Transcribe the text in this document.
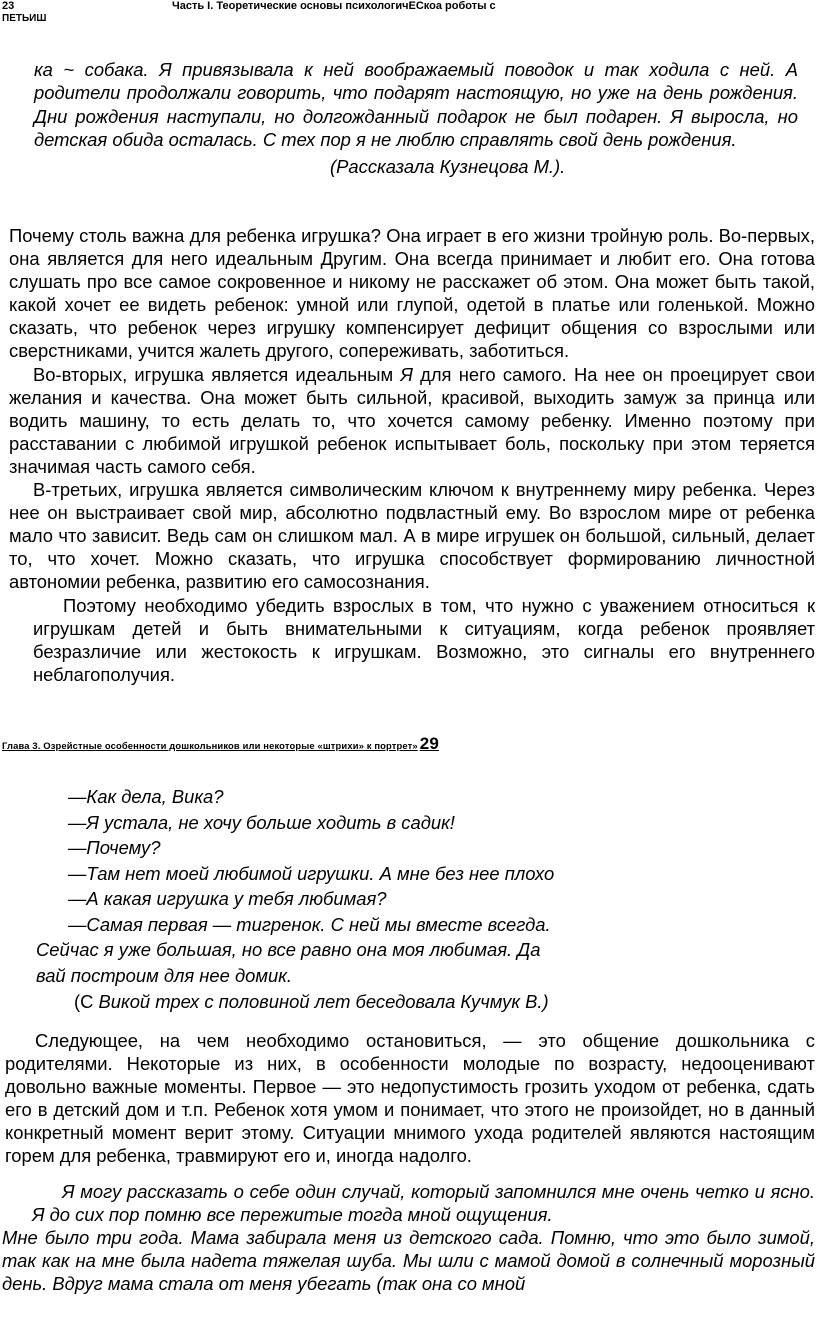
23
ПЕТЬИШ
Часть I. Теоретические основы психологичЕСкоа роботы с

ка ~ собака. Я привязывала к ней воображаемый поводок и так ходила с ней. А родители продолжали говорить, что подарят настоящую, но уже на день рождения. Дни рождения наступали, но долгожданный подарок не был подарен. Я выросла, но детская обида осталась. С тех пор я не люблю справлять свой день рождения.

(Рассказала Кузнецова М.).

Почему столь важна для ребенка игрушка? Она играет в его жизни тройную роль. Во-первых, она является для него идеальным Другим. Она всегда принимает и любит его. Она готова слушать про все самое сокровенное и никому не расскажет об этом. Она может быть такой, какой хочет ее видеть ребенок: умной или глупой, одетой в платье или голенькой. Можно сказать, что ребенок через игрушку компенсирует дефицит общения со взрослыми или сверстниками, учится жалеть другого, сопереживать, заботиться.

Во-вторых, игрушка является идеальным Я для него самого. На нее он проецирует свои желания и качества. Она может быть сильной, красивой, выходить замуж за принца или водить машину, то есть делать то, что хочется самому ребенку. Именно поэтому при расставании с любимой игрушкой ребенок испытывает боль, поскольку при этом теряется значимая часть самого себя.

В-третьих, игрушка является символическим ключом к внутреннему миру ребенка. Через нее он выстраивает свой мир, абсолютно подвластный ему. Во взрослом мире от ребенка мало что зависит. Ведь сам он слишком мал. А в мире игрушек он большой, сильный, делает то, что хочет. Можно сказать, что игрушка способствует формированию личностной автономии ребенка, развитию его самосознания.

Поэтому необходимо убедить взрослых в том, что нужно с уважением относиться к игрушкам детей и быть внимательными к ситуациям, когда ребенок проявляет безразличие или жестокость к игрушкам. Возможно, это сигналы его внутреннего неблагополучия.

Глава 3. Озрейстные особенности дошкольников или некоторые «штрихи» к портрет» 29
—Как дела, Вика?
—Я устала, не хочу больше ходить в садик!
—Почему?
—Там нет моей любимой игрушки. А мне без нее плохо
—А какая игрушка у тебя любимая?
—Самая первая — тигренок. С ней мы вместе всегда.
Сейчас я уже большая, но все равно она моя любимая. Да
вай построим для нее домик.
(С Викой трех с половиной лет беседовала Кучмук В.)

Следующее, на чем необходимо остановиться, — это общение дошкольника с родителями. Некоторые из них, в особенности молодые по возрасту, недооценивают довольно важные моменты. Первое — это недопустимость грозить уходом от ребенка, сдать его в детский дом и т.п. Ребенок хотя умом и понимает, что этого не произойдет, но в данный конкретный момент верит этому. Ситуации мнимого ухода родителей являются настоящим горем для ребенка, травмируют его и, иногда надолго.

Я могу рассказать о себе один случай, который запомнился мне очень четко и ясно. Я до сих пор помню все пережитые тогда мной ощущения.

Мне было три года. Мама забирала меня из детского сада. Помню, что это было зимой, так как на мне была надета тяжелая шуба. Мы шли с мамой домой в солнечный морозный день. Вдруг мама стала от меня убегать (так она со мной
